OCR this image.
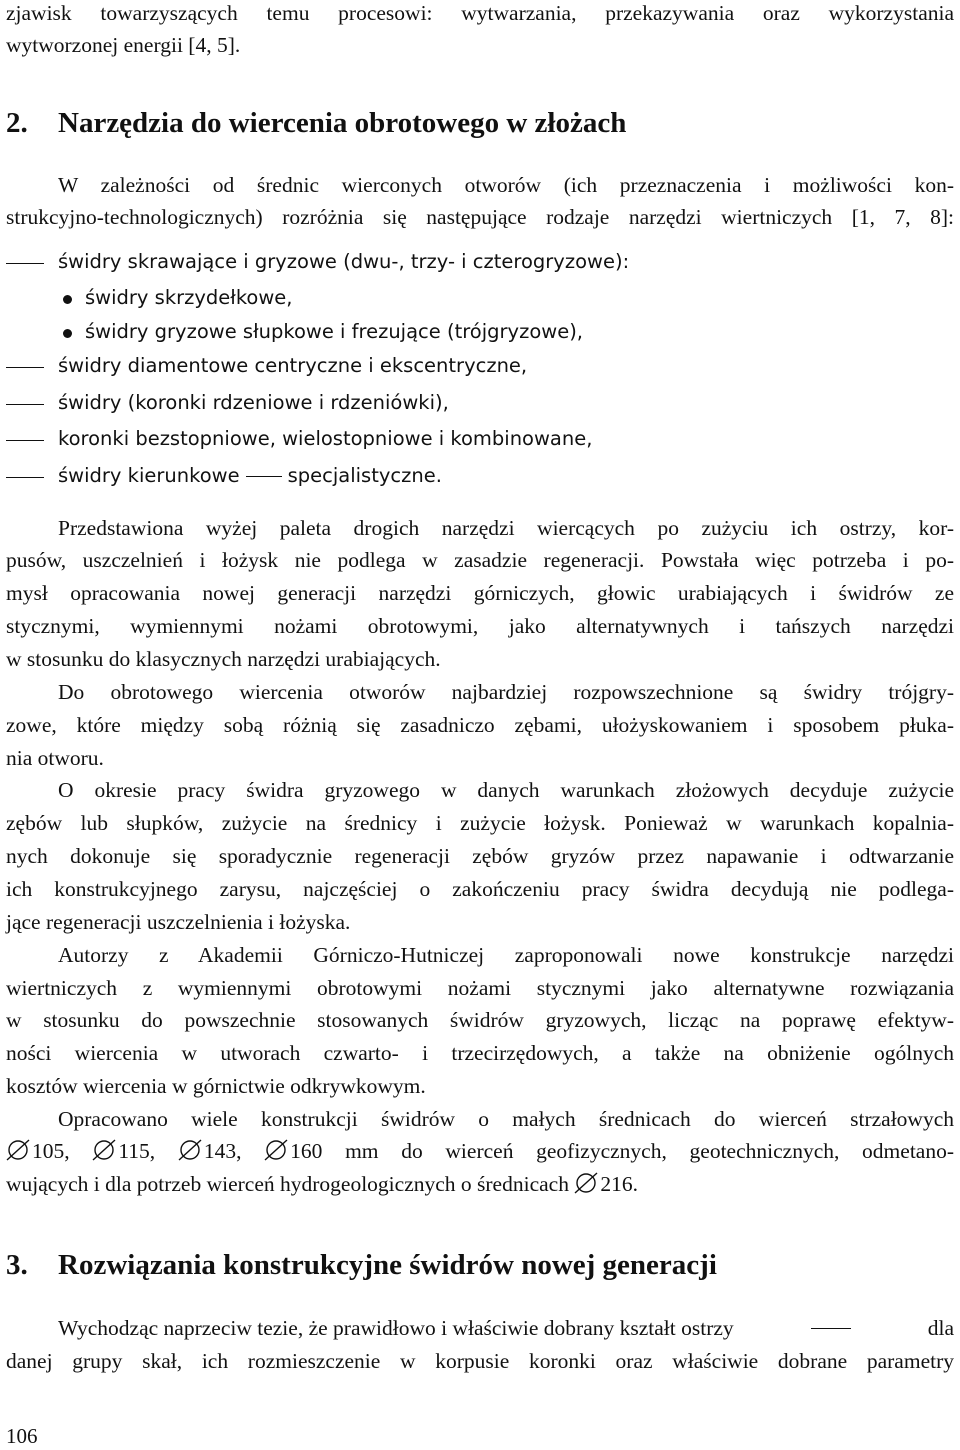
zjawisk towarzyszących temu procesowi: wytwarzania, przekazywania oraz wykorzystania
wytworzonej energii [4, 5].
2. Narzędzia do wiercenia obrotowego w złożach
W zależności od średnic wierconych otworów (ich przeznaczenia i możliwości kon-
strukcyjno-technologicznych) rozróżnia się następujące rodzaje narzędzi wiertniczych [1, 7, 8]:
świdry skrawające i gryzowe (dwu-, trzy- i czterogryzowe):
świdry skrzydełkowe,
świdry gryzowe słupkowe i frezujące (trójgryzowe),
świdry diamentowe centryczne i ekscentryczne,
świdry (koronki rdzeniowe i rdzeniówki),
koronki bezstopniowe, wielostopniowe i kombinowane,
świdry kierunkowe specjalistyczne.
Przedstawiona wyżej paleta drogich narzędzi wiercących po zużyciu ich ostrzy, kor-
pusów, uszczelnień i łożysk nie podlega w zasadzie regeneracji. Powstała więc potrzeba i po-
mysł opracowania nowej generacji narzędzi górniczych, głowic urabiających i świdrów ze
stycznymi, wymiennymi nożami obrotowymi, jako alternatywnych i tańszych narzędzi
w stosunku do klasycznych narzędzi urabiających.
Do obrotowego wiercenia otworów najbardziej rozpowszechnione są świdry trójgry-
zowe, które między sobą różnią się zasadniczo zębami, ułożyskowaniem i sposobem płuka-
nia otworu.
O okresie pracy świdra gryzowego w danych warunkach złożowych decyduje zużycie
zębów lub słupków, zużycie na średnicy i zużycie łożysk. Ponieważ w warunkach kopalnia-
nych dokonuje się sporadycznie regeneracji zębów gryzów przez napawanie i odtwarzanie
ich konstrukcyjnego zarysu, najczęściej o zakończeniu pracy świdra decydują nie podlega-
jące regeneracji uszczelnienia i łożyska.
Autorzy z Akademii Górniczo-Hutniczej zaproponowali nowe konstrukcje narzędzi
wiertniczych z wymiennymi obrotowymi nożami stycznymi jako alternatywne rozwiązania
w stosunku do powszechnie stosowanych świdrów gryzowych, licząc na poprawę efektyw-
ności wiercenia w utworach czwarto- i trzecirzędowych, a także na obniżenie ogólnych
kosztów wiercenia w górnictwie odkrywkowym.
Opracowano wiele konstrukcji świdrów o małych średnicach do wierceń strzałowych
105, 115, 143, 160 mm do wierceń geofizycznych, geotechnicznych, odmetano-
wujących i dla potrzeb wierceń hydrogeologicznych o średnicach 216.
3. Rozwiązania konstrukcyjne świdrów nowej generacji
Wychodząc naprzeciw tezie, że prawidłowo i właściwie dobrany kształt ostrzy	dla
danej grupy skał, ich rozmieszczenie w korpusie koronki oraz właściwie dobrane parametry
106
